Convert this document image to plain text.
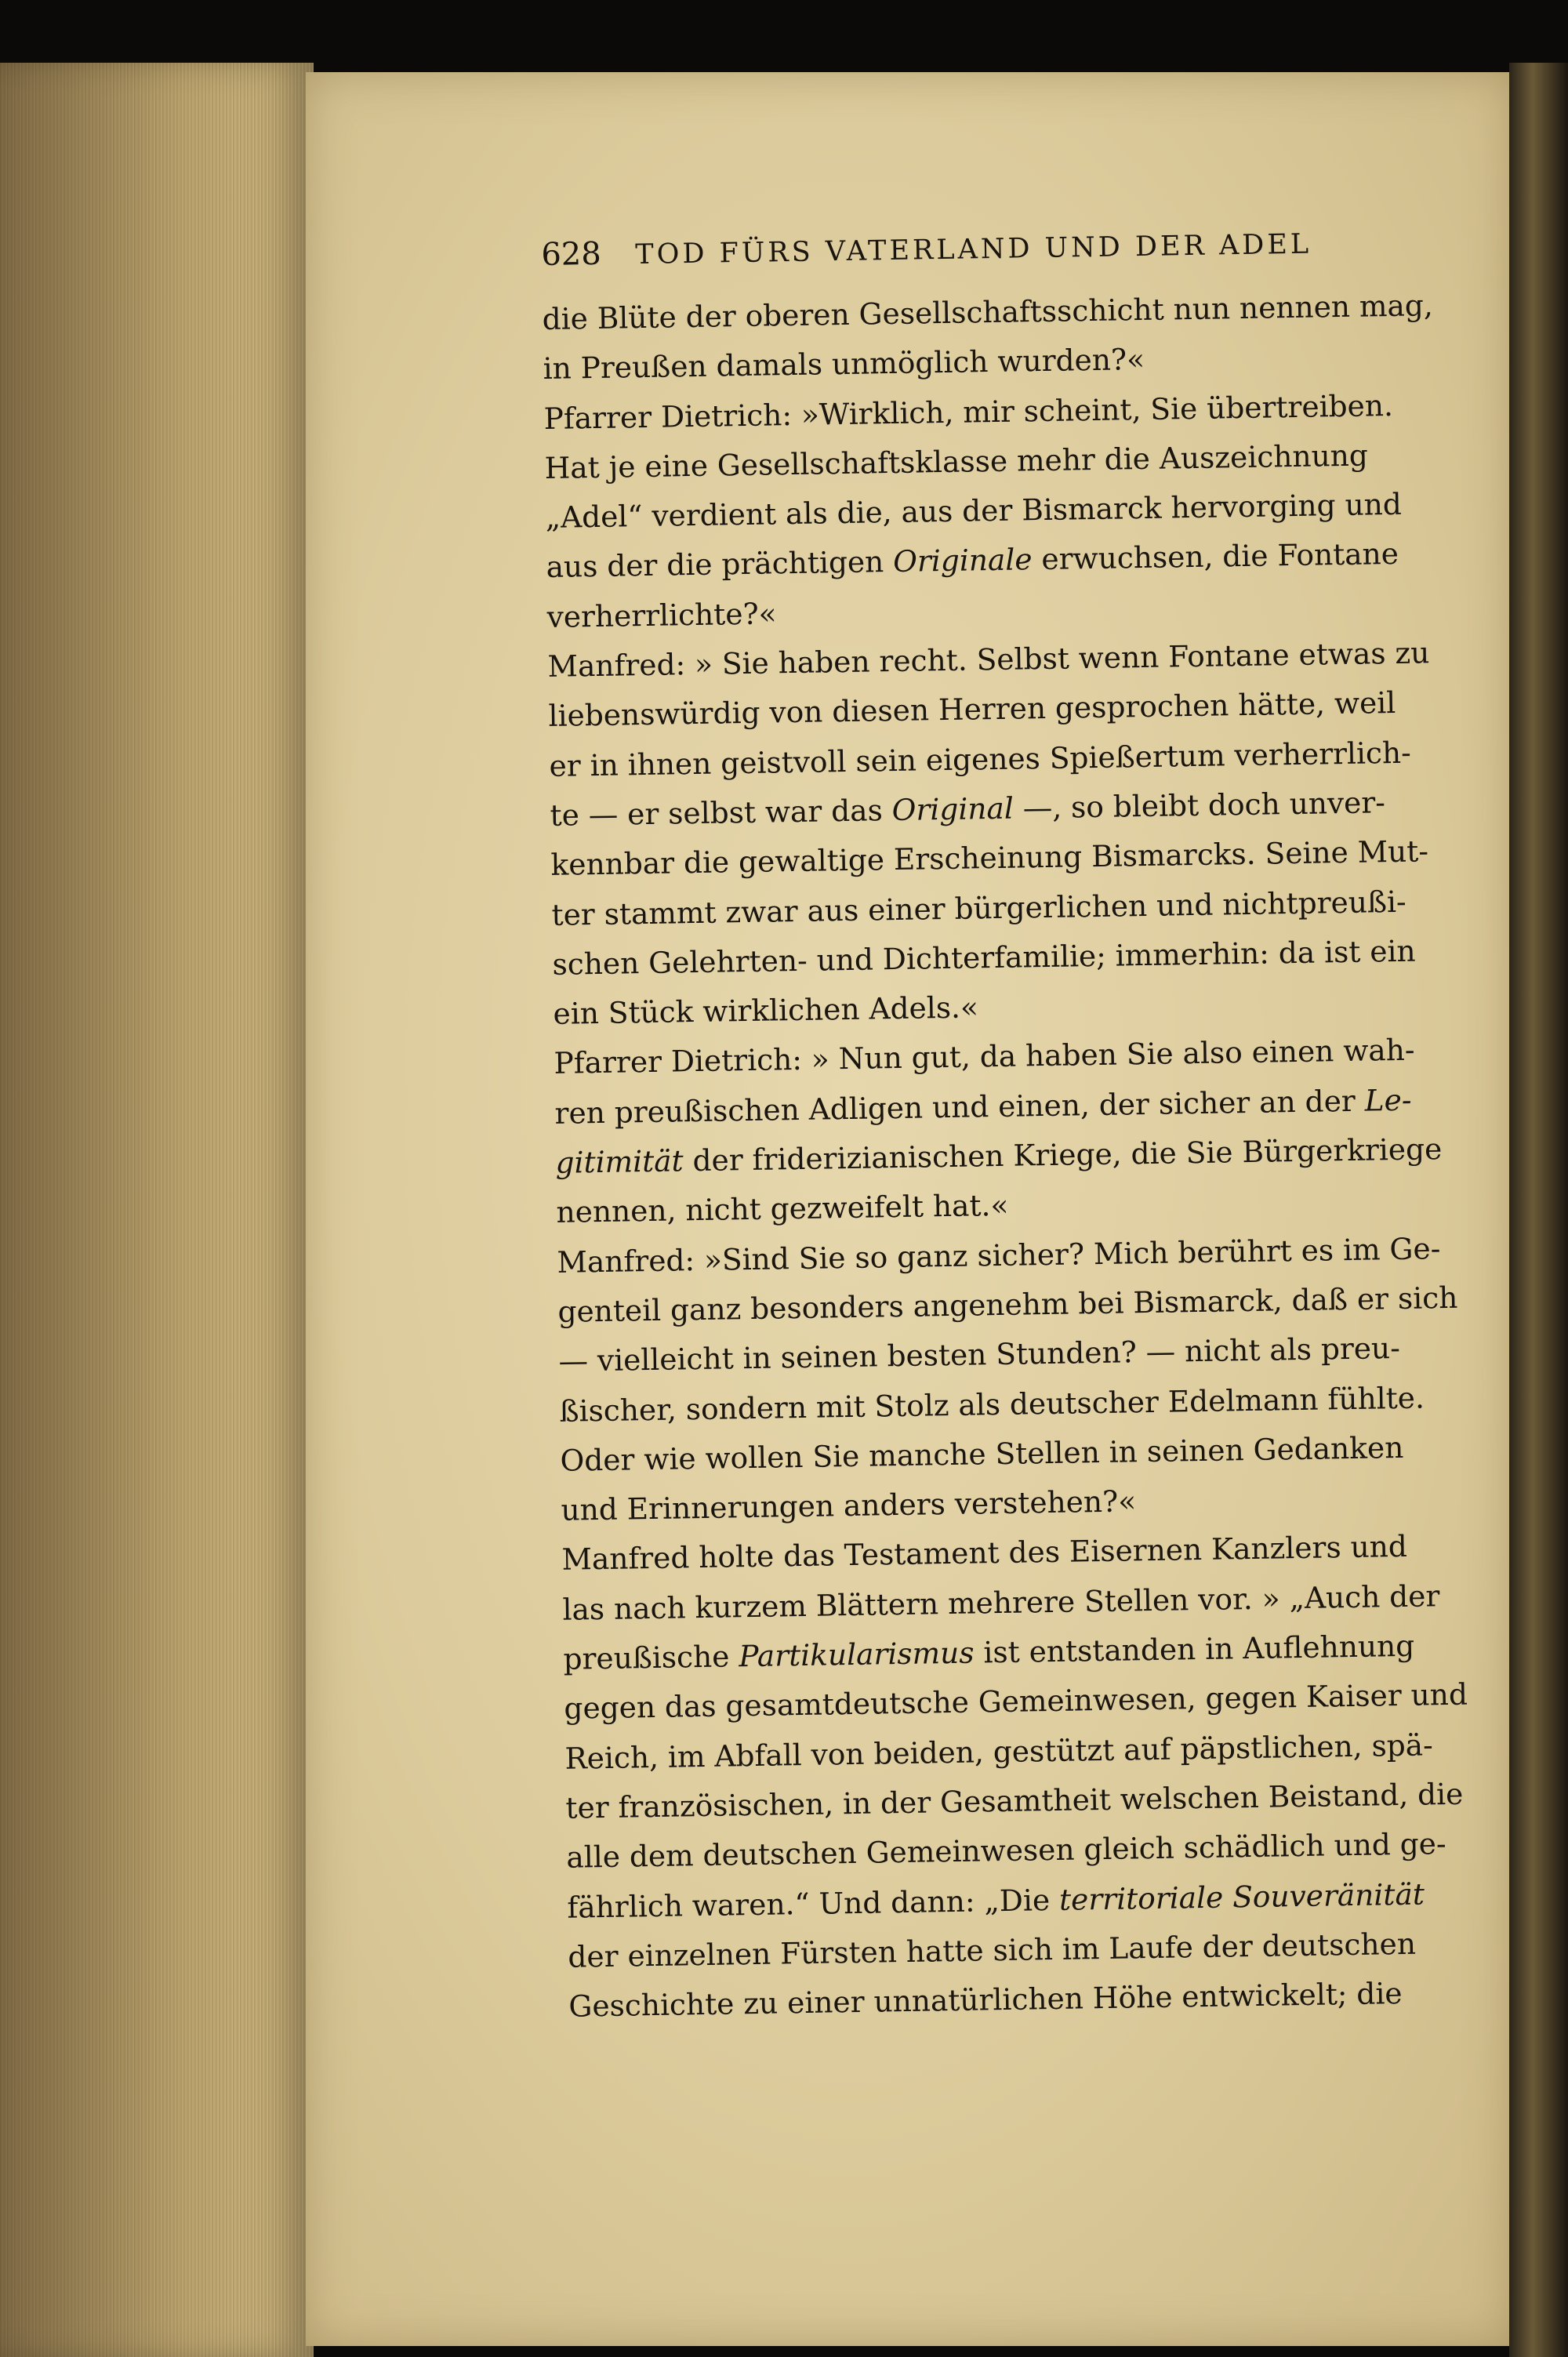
628	TOD FÜRS VATERLAND UND DER ADEL
die Blüte der oberen Gesellschaftsschicht nun nennen mag,
in Preußen damals unmöglich wurden?«
Pfarrer Dietrich: »Wirklich, mir scheint, Sie übertreiben.
Hat je eine Gesellschaftsklasse mehr die Auszeichnung
„Adel“ verdient als die, aus der Bismarck hervorging und
aus der die prächtigen Originale erwuchsen, die Fontane
verherrlichte?«
Manfred: » Sie haben recht. Selbst wenn Fontane etwas zu
liebenswürdig von diesen Herren gesprochen hätte, weil
er in ihnen geistvoll sein eigenes Spießertum verherrlich-
te — er selbst war das Original —, so bleibt doch unver-
kennbar die gewaltige Erscheinung Bismarcks. Seine Mut-
ter stammt zwar aus einer bürgerlichen und nichtpreußi-
schen Gelehrten- und Dichterfamilie; immerhin: da ist ein
ein Stück wirklichen Adels.«
Pfarrer Dietrich: » Nun gut, da haben Sie also einen wah-
ren preußischen Adligen und einen, der sicher an der Le-
gitimität der friderizianischen Kriege, die Sie Bürgerkriege
nennen, nicht gezweifelt hat.«
Manfred: »Sind Sie so ganz sicher? Mich berührt es im Ge-
genteil ganz besonders angenehm bei Bismarck, daß er sich
— vielleicht in seinen besten Stunden? — nicht als preu-
ßischer, sondern mit Stolz als deutscher Edelmann fühlte.
Oder wie wollen Sie manche Stellen in seinen Gedanken
und Erinnerungen anders verstehen?«
Manfred holte das Testament des Eisernen Kanzlers und
las nach kurzem Blättern mehrere Stellen vor. » „Auch der
preußische Partikularismus ist entstanden in Auflehnung
gegen das gesamtdeutsche Gemeinwesen, gegen Kaiser und
Reich, im Abfall von beiden, gestützt auf päpstlichen, spä-
ter französischen, in der Gesamtheit welschen Beistand, die
alle dem deutschen Gemeinwesen gleich schädlich und ge-
fährlich waren.“ Und dann: „Die territoriale Souveränität
der einzelnen Fürsten hatte sich im Laufe der deutschen
Geschichte zu einer unnatürlichen Höhe entwickelt; die
